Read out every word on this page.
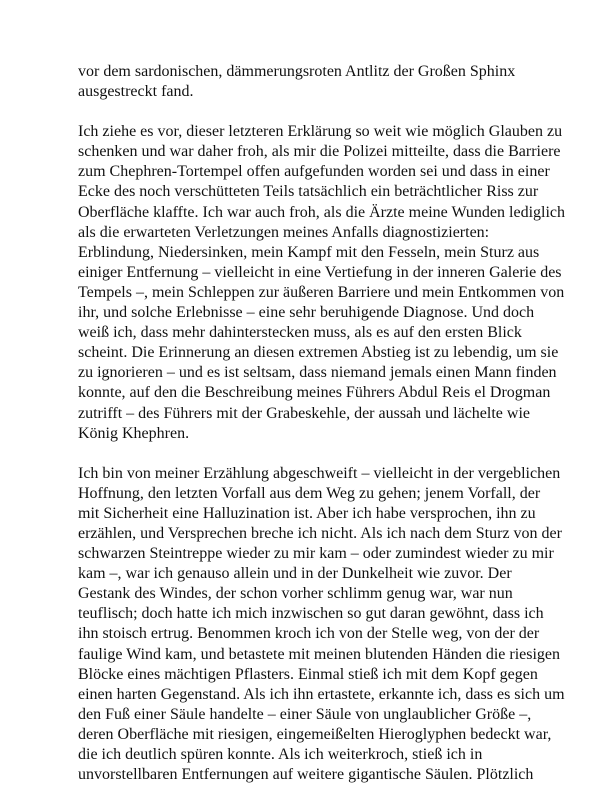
vor dem sardonischen, dämmerungsroten Antlitz der Großen Sphinx
ausgestreckt fand.

Ich ziehe es vor, dieser letzteren Erklärung so weit wie möglich Glauben zu
schenken und war daher froh, als mir die Polizei mitteilte, dass die Barriere
zum Chephren-Tortempel offen aufgefunden worden sei und dass in einer
Ecke des noch verschütteten Teils tatsächlich ein beträchtlicher Riss zur
Oberfläche klaffte. Ich war auch froh, als die Ärzte meine Wunden lediglich
als die erwarteten Verletzungen meines Anfalls diagnostizierten:
Erblindung, Niedersinken, mein Kampf mit den Fesseln, mein Sturz aus
einiger Entfernung – vielleicht in eine Vertiefung in der inneren Galerie des
Tempels –, mein Schleppen zur äußeren Barriere und mein Entkommen von
ihr, und solche Erlebnisse – eine sehr beruhigende Diagnose. Und doch
weiß ich, dass mehr dahinterstecken muss, als es auf den ersten Blick
scheint. Die Erinnerung an diesen extremen Abstieg ist zu lebendig, um sie
zu ignorieren – und es ist seltsam, dass niemand jemals einen Mann finden
konnte, auf den die Beschreibung meines Führers Abdul Reis el Drogman
zutrifft – des Führers mit der Grabeskehle, der aussah und lächelte wie
König Khephren.

Ich bin von meiner Erzählung abgeschweift – vielleicht in der vergeblichen
Hoffnung, den letzten Vorfall aus dem Weg zu gehen; jenem Vorfall, der
mit Sicherheit eine Halluzination ist. Aber ich habe versprochen, ihn zu
erzählen, und Versprechen breche ich nicht. Als ich nach dem Sturz von der
schwarzen Steintreppe wieder zu mir kam – oder zumindest wieder zu mir
kam –, war ich genauso allein und in der Dunkelheit wie zuvor. Der
Gestank des Windes, der schon vorher schlimm genug war, war nun
teuflisch; doch hatte ich mich inzwischen so gut daran gewöhnt, dass ich
ihn stoisch ertrug. Benommen kroch ich von der Stelle weg, von der der
faulige Wind kam, und betastete mit meinen blutenden Händen die riesigen
Blöcke eines mächtigen Pflasters. Einmal stieß ich mit dem Kopf gegen
einen harten Gegenstand. Als ich ihn ertastete, erkannte ich, dass es sich um
den Fuß einer Säule handelte – einer Säule von unglaublicher Größe –,
deren Oberfläche mit riesigen, eingemeißelten Hieroglyphen bedeckt war,
die ich deutlich spüren konnte. Als ich weiterkroch, stieß ich in
unvorstellbaren Entfernungen auf weitere gigantische Säulen. Plötzlich
